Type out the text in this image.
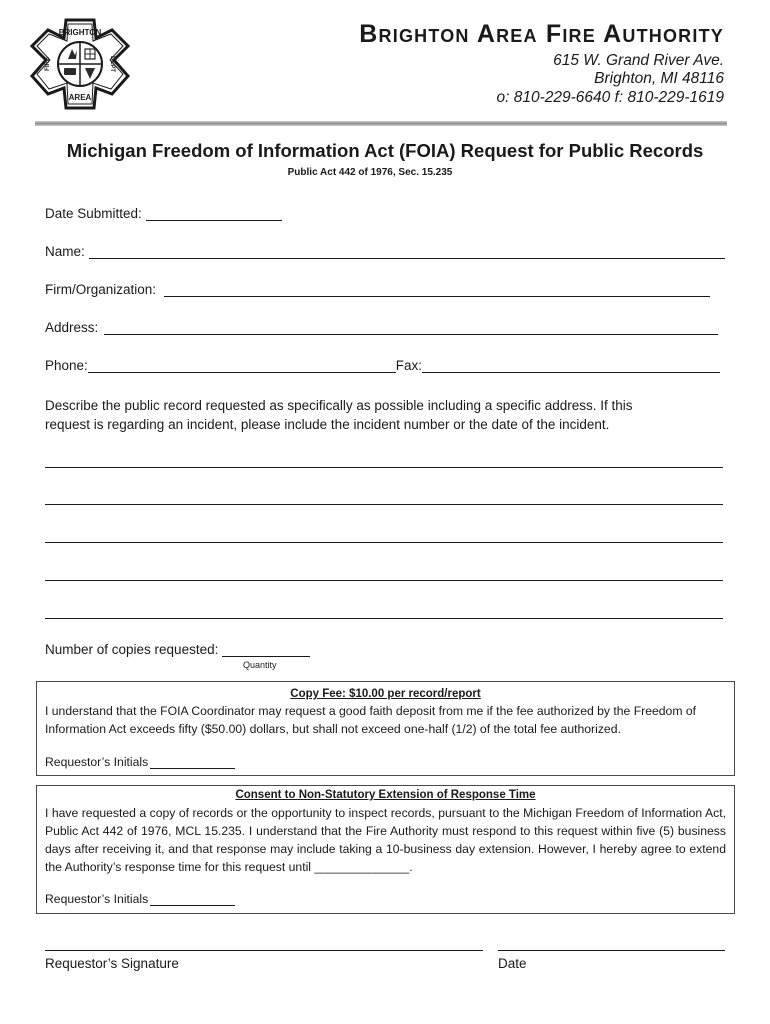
BRIGHTON
AREA
FIRE	DEPT
Brighton Area Fire Authority
615 W. Grand River Ave.
Brighton, MI 48116
o: 810-229-6640 f: 810-229-1619
Michigan Freedom of Information Act (FOIA) Request for Public Records
Public Act 442 of 1976, Sec. 15.235
Date Submitted:
Name:
Firm/Organization:
Address:
Phone:	Fax:
Describe the public record requested as specifically as possible including a specific address. If this request is regarding an incident, please include the incident number or the date of the incident.
Number of copies requested:
Quantity
Copy Fee: $10.00 per record/report
I understand that the FOIA Coordinator may request a good faith deposit from me if the fee authorized by the Freedom of Information Act exceeds fifty ($50.00) dollars, but shall not exceed one-half (1/2) of the total fee authorized.
Requestor’s Initials
Consent to Non-Statutory Extension of Response Time
I have requested a copy of records or the opportunity to inspect records, pursuant to the Michigan Freedom of Information Act, Public Act 442 of 1976, MCL 15.235. I understand that the Fire Authority must respond to this request within five (5) business days after receiving it, and that response may include taking a 10-business day extension. However, I hereby agree to extend the Authority’s response time for this request until ______________.
Requestor’s Initials
Requestor’s Signature	Date
